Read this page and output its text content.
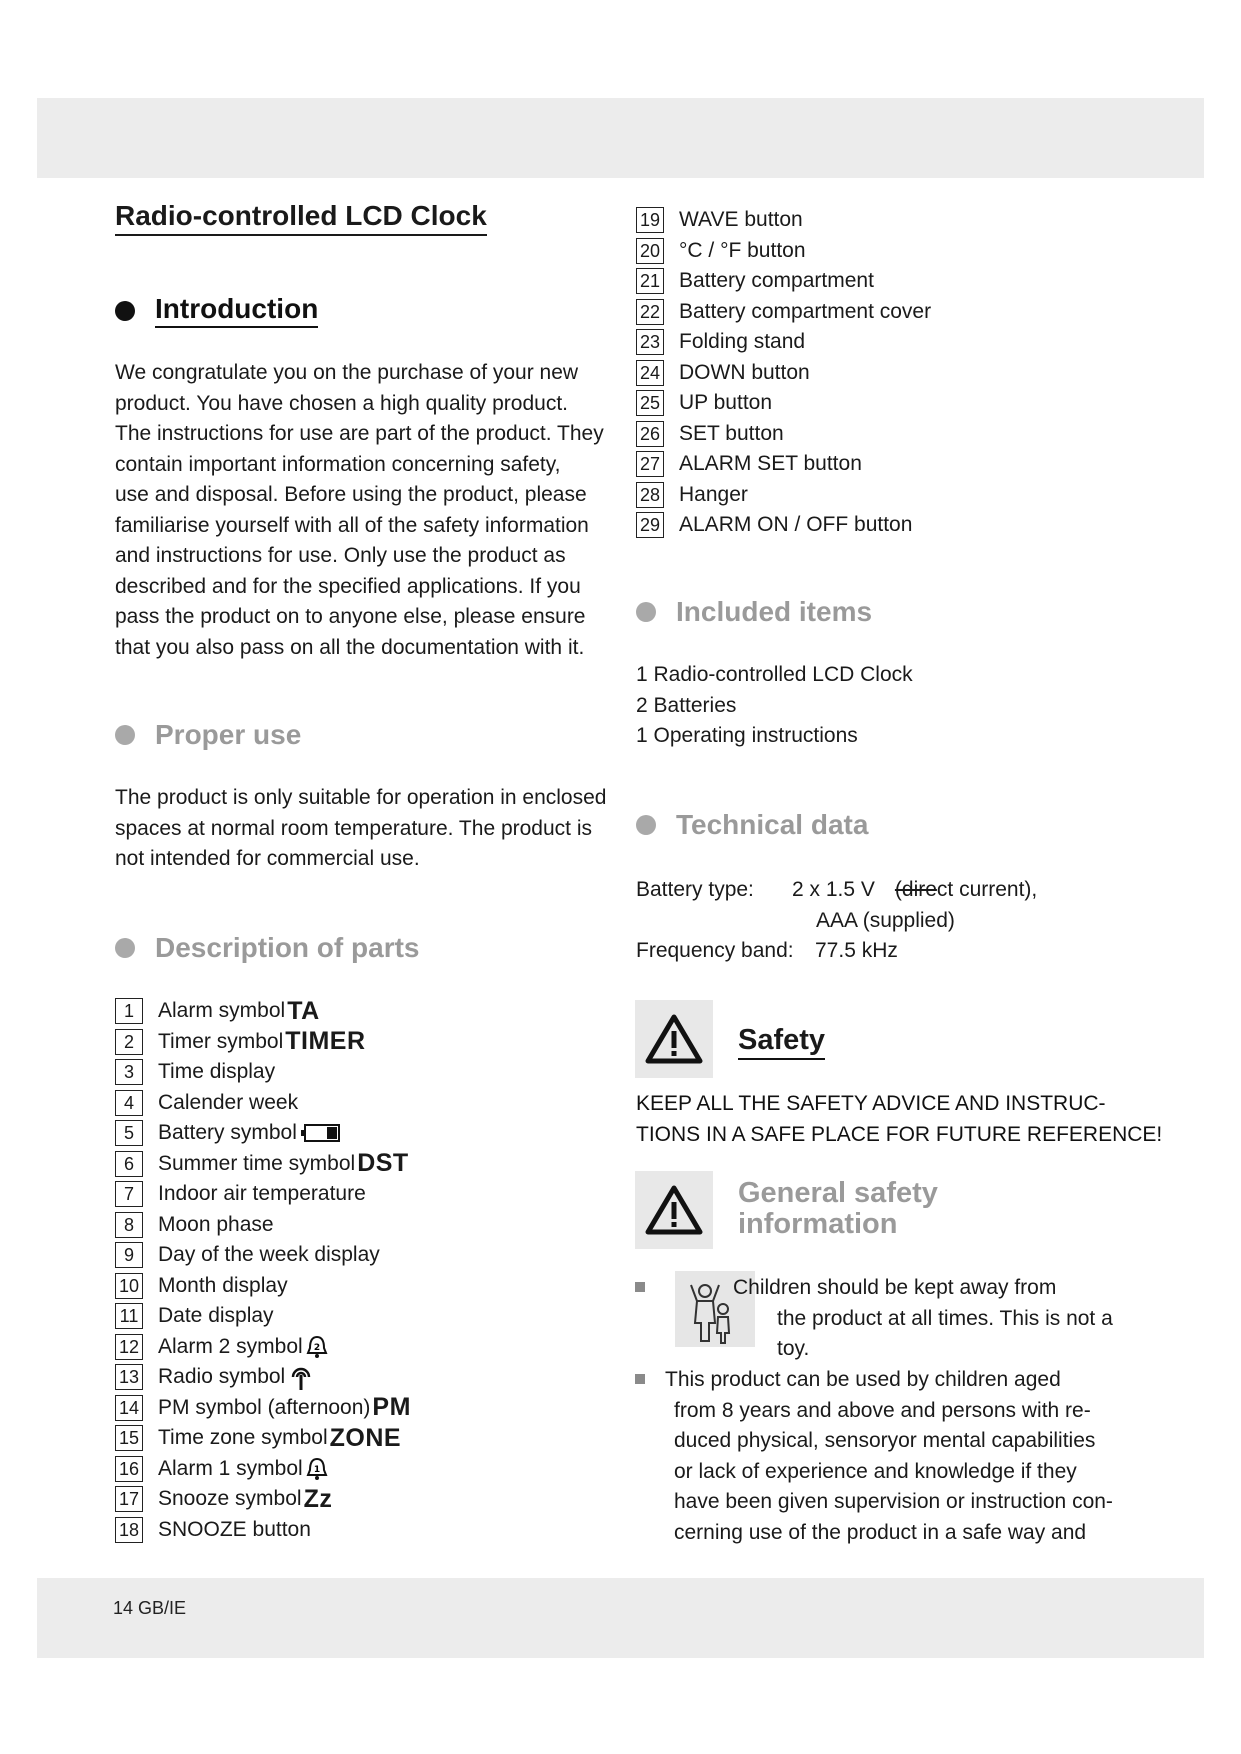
Radio-controlled LCD Clock
Introduction
We congratulate you on the purchase of your new
product. You have chosen a high quality product.
The instructions for use are part of the product. They
contain important information concerning safety,
use and disposal. Before using the product, please
familiarise yourself with all of the safety information
and instructions for use. Only use the product as
described and for the specified applications. If you
pass the product on to anyone else, please ensure
that you also pass on all the documentation with it.
Proper use
The product is only suitable for operation in enclosed
spaces at normal room temperature. The product is
not intended for commercial use.
Description of parts
1	Alarm symbol TA
2	Timer symbol TIMER
3	Time display
4	Calender week
5	Battery symbol
6	Summer time symbol DST
7	Indoor air temperature
8	Moon phase
9	Day of the week display
10 Month display
11 Date display
12 Alarm 2 symbol 2
13 Radio symbol
14 PM symbol (afternoon) PM
15 Time zone symbol ZONE
16 Alarm 1 symbol 1
17 Snooze symbol Zz
18 SNOOZE button
19 WAVE button
20 °C / °F button
21 Battery compartment
22 Battery compartment cover
23 Folding stand
24 DOWN button
25 UP button
26 SET button
27 ALARM SET button
28 Hanger
29 ALARM ON / OFF button
Included items
1 Radio-controlled LCD Clock
2 Batteries
1 Operating instructions
Technical data
Battery type:	2 x 1.5 V (dire ct current),
AAA (supplied)
Frequency band:	77.5 kHz
Safety
KEEP ALL THE SAFETY ADVICE AND INSTRUC-
TIONS IN A SAFE PLACE FOR FUTURE REFERENCE!
General safety
information
Children should be kept away from
the product at all times. This is not a
toy.
This product can be used by children aged
from 8 years and above and persons with re-
duced physical, sensoryor mental capabilities
or lack of experience and knowledge if they
have been given supervision or instruction con-
cerning use of the product in a safe way and
14 GB/IE
